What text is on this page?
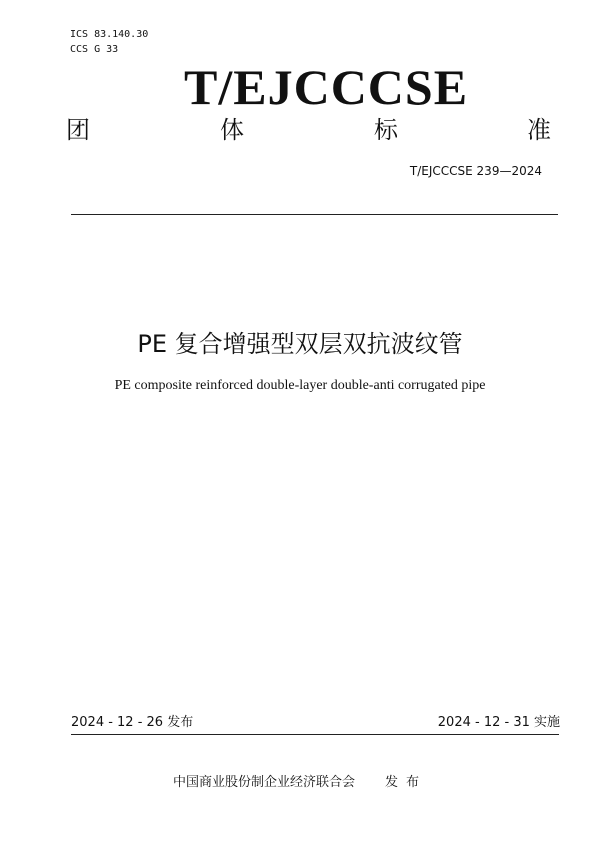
ICS 83.140.30
CCS G 33
T/EJCCCSE
团	体	标	准
T/EJCCCSE 239—2024
PE 复合增强型双层双抗波纹管
PE composite reinforced double-layer double-anti corrugated pipe
2024 - 12 - 26 发布	2024 - 12 - 31 实施
中国商业股份制企业经济联合会 发布
